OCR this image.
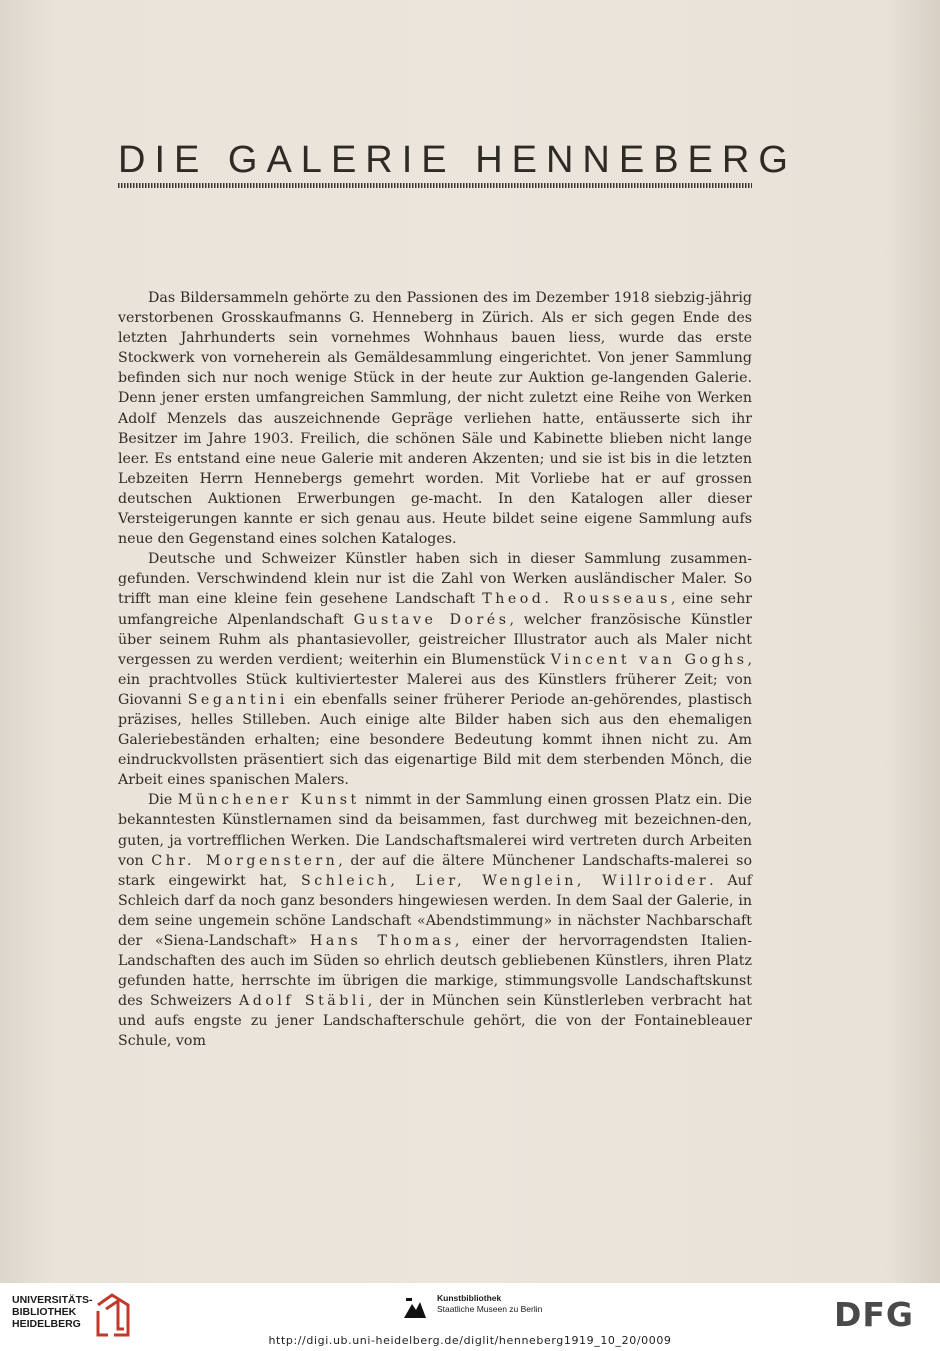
DIE GALERIE HENNEBERG

Das Bildersammeln gehörte zu den Passionen des im Dezember 1918 siebzig-jährig verstorbenen Grosskaufmanns G. Henneberg in Zürich. Als er sich gegen Ende des letzten Jahrhunderts sein vornehmes Wohnhaus bauen liess, wurde das erste Stockwerk von vorneherein als Gemäldesammlung eingerichtet. Von jener Sammlung befinden sich nur noch wenige Stück in der heute zur Auktion ge-langenden Galerie. Denn jener ersten umfangreichen Sammlung, der nicht zuletzt eine Reihe von Werken Adolf Menzels das auszeichnende Gepräge verliehen hatte, entäusserte sich ihr Besitzer im Jahre 1903. Freilich, die schönen Säle und Kabinette blieben nicht lange leer. Es entstand eine neue Galerie mit anderen Akzenten; und sie ist bis in die letzten Lebzeiten Herrn Hennebergs gemehrt worden. Mit Vorliebe hat er auf grossen deutschen Auktionen Erwerbungen ge-macht. In den Katalogen aller dieser Versteigerungen kannte er sich genau aus. Heute bildet seine eigene Sammlung aufs neue den Gegenstand eines solchen Kataloges.

Deutsche und Schweizer Künstler haben sich in dieser Sammlung zusammen-gefunden. Verschwindend klein nur ist die Zahl von Werken ausländischer Maler. So trifft man eine kleine fein gesehene Landschaft Theod. Rousseaus, eine sehr umfangreiche Alpenlandschaft Gustave Dorés, welcher französische Künstler über seinem Ruhm als phantasievoller, geistreicher Illustrator auch als Maler nicht vergessen zu werden verdient; weiterhin ein Blumenstück Vincent van Goghs, ein prachtvolles Stück kultiviertester Malerei aus des Künstlers früherer Zeit; von Giovanni Segantini ein ebenfalls seiner früherer Periode an-gehörendes, plastisch präzises, helles Stilleben. Auch einige alte Bilder haben sich aus den ehemaligen Galeriebeständen erhalten; eine besondere Bedeutung kommt ihnen nicht zu. Am eindruckvollsten präsentiert sich das eigenartige Bild mit dem sterbenden Mönch, die Arbeit eines spanischen Malers.

Die Münchener Kunst nimmt in der Sammlung einen grossen Platz ein. Die bekanntesten Künstlernamen sind da beisammen, fast durchweg mit bezeichnen-den, guten, ja vortrefflichen Werken. Die Landschaftsmalerei wird vertreten durch Arbeiten von Chr. Morgenstern, der auf die ältere Münchener Landschafts-malerei so stark eingewirkt hat, Schleich, Lier, Wenglein, Willroider. Auf Schleich darf da noch ganz besonders hingewiesen werden. In dem Saal der Galerie, in dem seine ungemein schöne Landschaft «Abendstimmung» in nächster Nachbarschaft der «Siena-Landschaft» Hans Thomas, einer der hervorragendsten Italien-Landschaften des auch im Süden so ehrlich deutsch gebliebenen Künstlers, ihren Platz gefunden hatte, herrschte im übrigen die markige, stimmungsvolle Landschaftskunst des Schweizers Adolf Stäbli, der in München sein Künstlerleben verbracht hat und aufs engste zu jener Landschafterschule gehört, die von der Fontainebleauer Schule, vom

UNIVERSITÄTS-
BIBLIOTHEK
HEIDELBERG
Kunstbibliothek
Staatliche Museen zu Berlin	DFG
http://digi.ub.uni-heidelberg.de/diglit/henneberg1919_10_20/0009
